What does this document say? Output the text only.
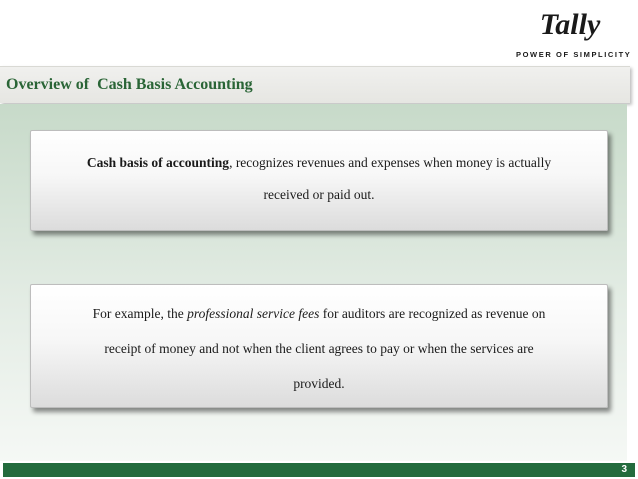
Tally
POWER OF SIMPLICITY
Overview of  Cash Basis Accounting

Cash basis of accounting, recognizes revenues and expenses when money is actually

received or paid out.

For example, the professional service fees for auditors are recognized as revenue on

receipt of money and not when the client agrees to pay or when the services are

provided.

3
